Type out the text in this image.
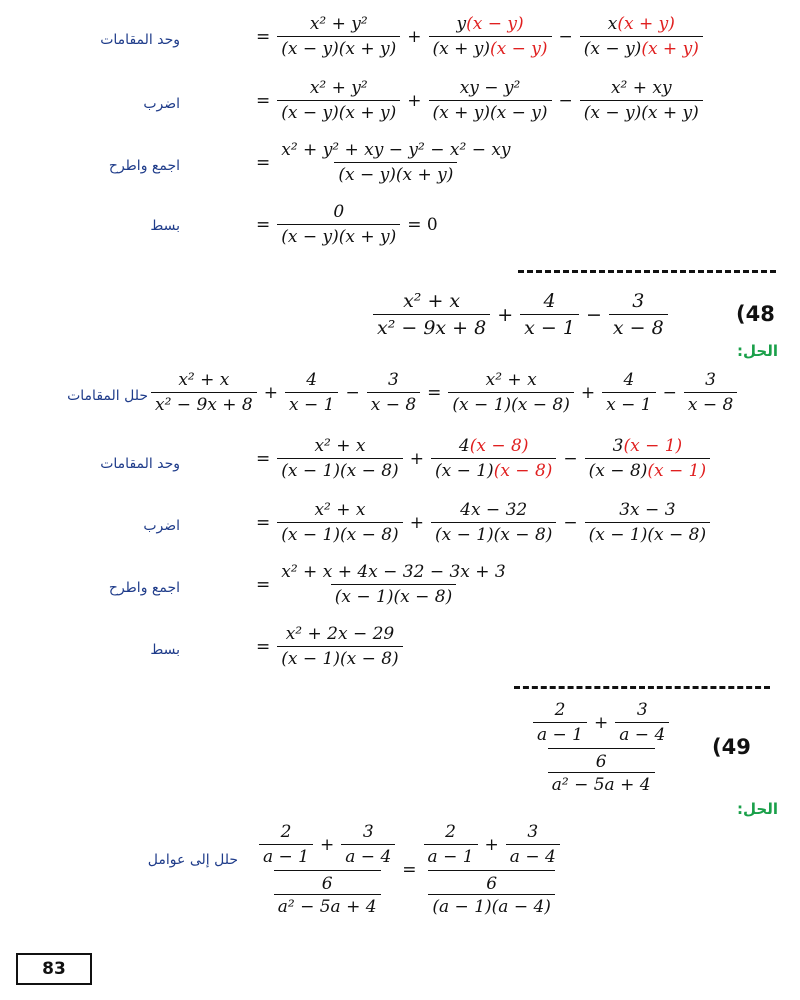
وحد المقامات	= $\frac{\text{x² + y²}}{(x - y)(x + y)} + \frac{y(x - y)}{(x + y)(x - y)} - \frac{x(x + y)}{(x - y)(x + y)}$
اضرب	= $\frac{\text{x² + y²}}{(x - y)(x + y)} + \frac{\text{xy − y²}}{(x + y)(x - y)} - \frac{\text{x² + xy}}{(x - y)(x + y)}$
اجمع واطرح	= $\frac{\text{x² + y² + xy − y² − x² − xy}}{(x - y)(x + y)}$
بسط	= $\frac{0}{(x - y)(x + y)} = 0$
$\frac{\text{x² + x}}{\text{x² − 9x + 8}} + \frac{4}{x - 1} - \frac{3}{x - 8}$	(48
الحل:
حلل المقامات $\frac{\text{x² + x}}{\text{x² − 9x + 8}} + \frac{4}{x - 1} - \frac{3}{x - 8} = \frac{\text{x² + x}}{(x - 1)(x - 8)} + \frac{4}{x - 1} - \frac{3}{x - 8}$
وحد المقامات	= $\frac{\text{x² + x}}{(x - 1)(x - 8)} + \frac{4(x - 8)}{(x - 1)(x - 8)} - \frac{3(x - 1)}{(x - 8)(x - 1)}$
اضرب	= $\frac{\text{x² + x}}{(x - 1)(x - 8)} + \frac{4x - 32}{(x - 1)(x - 8)} - \frac{3x - 3}{(x - 1)(x - 8)}$
اجمع واطرح	= $\frac{\text{x² + x + 4x − 32 − 3x + 3}}{(x - 1)(x - 8)}$
بسط	= $\frac{\text{x² + 2x − 29}}{(x - 1)(x - 8)}$
$\frac{2}{a - 1} + \frac{3}{a - 4}$
6
a² − 5a + 4 (49
الحل:
حلل إلى عوامل $\frac{2}{a - 1} + \frac{3}{a - 4}$
6
$a^2 - 5a + 4 = \frac{2}{a - 1} + \frac{3}{a - 4}$
6
(a − 1)(a − 4)
83
